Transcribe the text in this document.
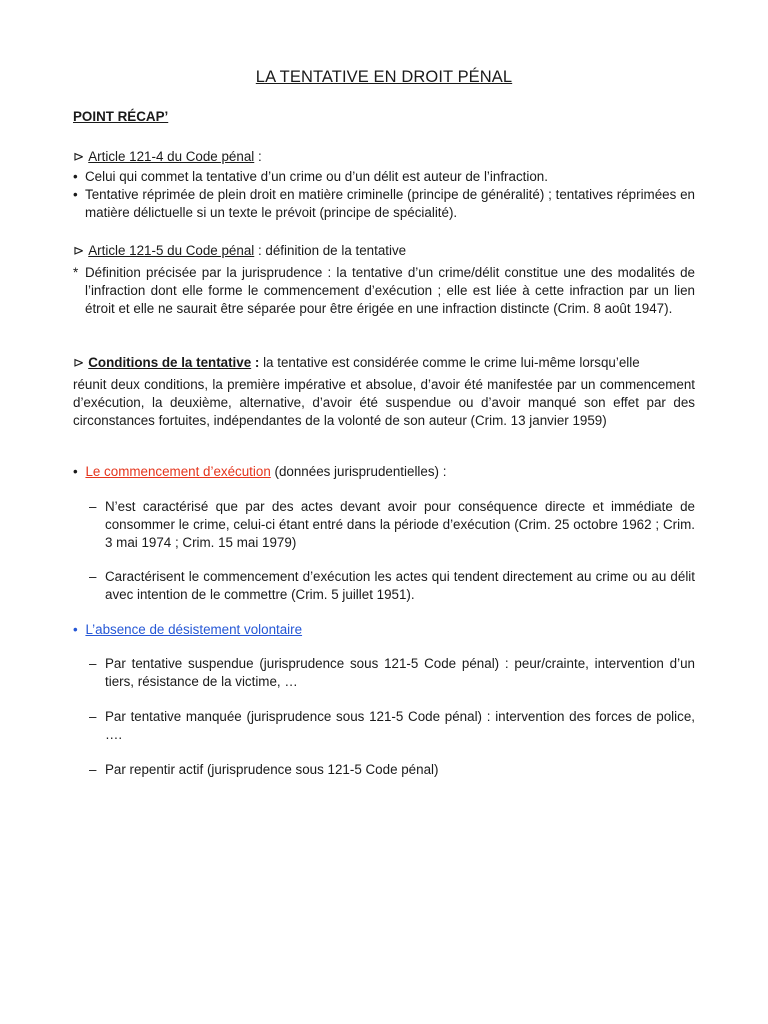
LA TENTATIVE EN DROIT PÉNAL
POINT RÉCAP’
⊳ Article 121-4 du Code pénal :
• Celui qui commet la tentative d’un crime ou d’un délit est auteur de l’infraction.
• Tentative réprimée de plein droit en matière criminelle (principe de généralité) ; tentatives réprimées en matière délictuelle si un texte le prévoit (principe de spécialité).
⊳ Article 121-5 du Code pénal : définition de la tentative
* Définition précisée par la jurisprudence : la tentative d’un crime/délit constitue une des modalités de l’infraction dont elle forme le commencement d’exécution ; elle est liée à cette infraction par un lien étroit et elle ne saurait être séparée pour être érigée en une infraction distincte (Crim. 8 août 1947).
⊳ Conditions de la tentative : la tentative est considérée comme le crime lui-même lorsqu’elle
réunit deux conditions, la première impérative et absolue, d’avoir été manifestée par un commencement d’exécution, la deuxième, alternative, d’avoir été suspendue ou d’avoir manqué son effet par des circonstances fortuites, indépendantes de la volonté de son auteur (Crim. 13 janvier 1959)
• Le commencement d’exécution (données jurisprudentielles) :
– N’est caractérisé que par des actes devant avoir pour conséquence directe et immédiate de consommer le crime, celui-ci étant entré dans la période d’exécution (Crim. 25 octobre 1962 ; Crim. 3 mai 1974 ; Crim. 15 mai 1979)
– Caractérisent le commencement d’exécution les actes qui tendent directement au crime ou au délit avec intention de le commettre (Crim. 5 juillet 1951).
• L’absence de désistement volontaire
– Par tentative suspendue (jurisprudence sous 121-5 Code pénal) : peur/crainte, intervention d’un tiers, résistance de la victime, …
– Par tentative manquée (jurisprudence sous 121-5 Code pénal) : intervention des forces de police, ….
– Par repentir actif (jurisprudence sous 121-5 Code pénal)
